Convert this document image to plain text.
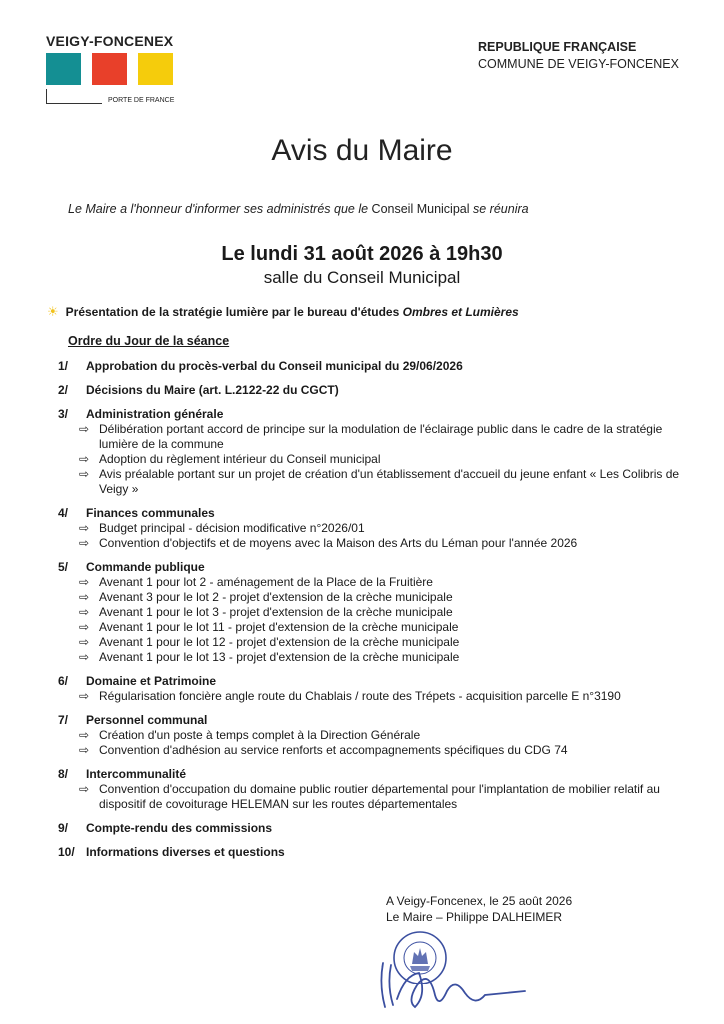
VEIGY-FONCENEX
PORTE DE FRANCE
REPUBLIQUE FRANÇAISE
COMMUNE DE VEIGY-FONCENEX
Avis du Maire
Le Maire a l'honneur d'informer ses administrés que le Conseil Municipal se réunira
Le lundi 31 août 2026 à 19h30
salle du Conseil Municipal
☀ Présentation de la stratégie lumière par le bureau d'études Ombres et Lumières
Ordre du Jour de la séance
1/ Approbation du procès-verbal du Conseil municipal du 29/06/2026
2/ Décisions du Maire (art. L.2122-22 du CGCT)
3/ Administration générale
⇨ Délibération portant accord de principe sur la modulation de l'éclairage public dans le cadre de la stratégie lumière de la commune
⇨ Adoption du règlement intérieur du Conseil municipal
⇨ Avis préalable portant sur un projet de création d'un établissement d'accueil du jeune enfant « Les Colibris de Veigy »
4/ Finances communales
⇨ Budget principal - décision modificative n°2026/01
⇨ Convention d'objectifs et de moyens avec la Maison des Arts du Léman pour l'année 2026
5/ Commande publique
⇨ Avenant 1 pour lot 2 - aménagement de la Place de la Fruitière
⇨ Avenant 3 pour le lot 2 - projet d'extension de la crèche municipale
⇨ Avenant 1 pour le lot 3 - projet d'extension de la crèche municipale
⇨ Avenant 1 pour le lot 11 - projet d'extension de la crèche municipale
⇨ Avenant 1 pour le lot 12 - projet d'extension de la crèche municipale
⇨ Avenant 1 pour le lot 13 - projet d'extension de la crèche municipale
6/ Domaine et Patrimoine
⇨ Régularisation foncière angle route du Chablais / route des Trépets - acquisition parcelle E n°3190
7/ Personnel communal
⇨ Création d'un poste à temps complet à la Direction Générale
⇨ Convention d'adhésion au service renforts et accompagnements spécifiques du CDG 74
8/ Intercommunalité
⇨ Convention d'occupation du domaine public routier départemental pour l'implantation de mobilier relatif au dispositif de covoiturage HELEMAN sur les routes départementales
9/ Compte-rendu des commissions
10/ Informations diverses et questions
A Veigy-Foncenex, le 25 août 2026
Le Maire – Philippe DALHEIMER
